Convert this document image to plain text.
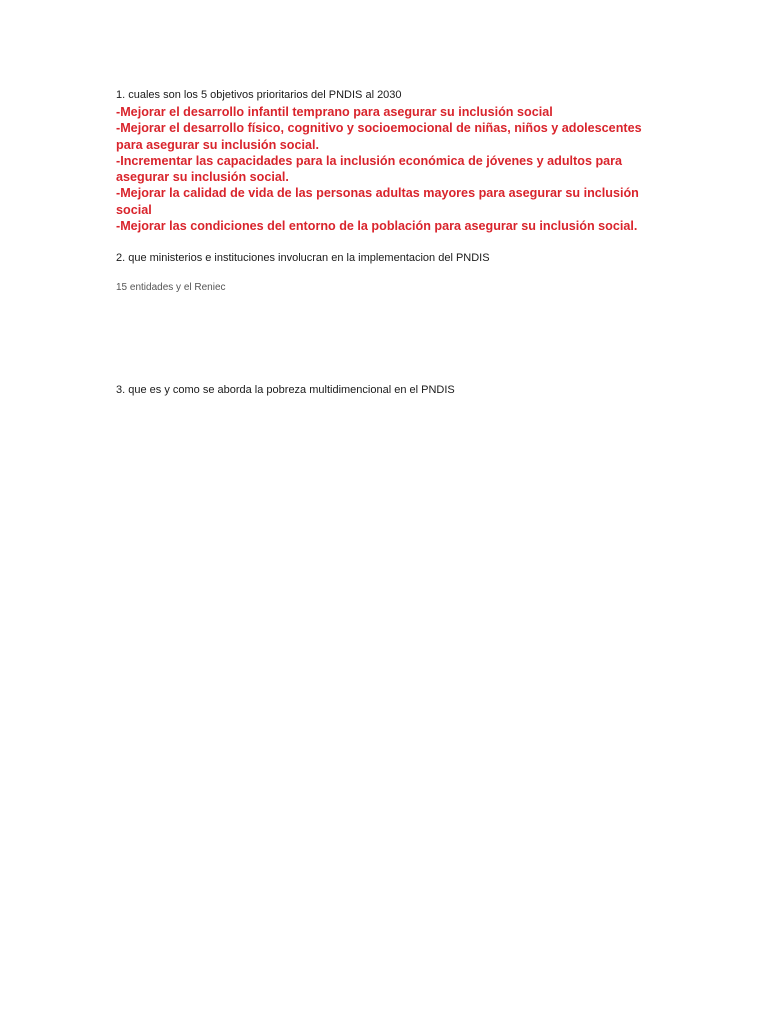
1. cuales son los 5 objetivos prioritarios del PNDIS al 2030

-Mejorar el desarrollo infantil temprano para asegurar su inclusión social
-Mejorar el desarrollo físico, cognitivo y socioemocional de niñas, niños y adolescentes para asegurar su inclusión social.
-Incrementar las capacidades para la inclusión económica de jóvenes y adultos para asegurar su inclusión social.
-Mejorar la calidad de vida de las personas adultas mayores para asegurar su inclusión social
-Mejorar las condiciones del entorno de la población para asegurar su inclusión social.

2. que ministerios e instituciones involucran en la implementacion del PNDIS

15 entidades y el Reniec

3. que es y como se aborda la pobreza multidimencional en el PNDIS
